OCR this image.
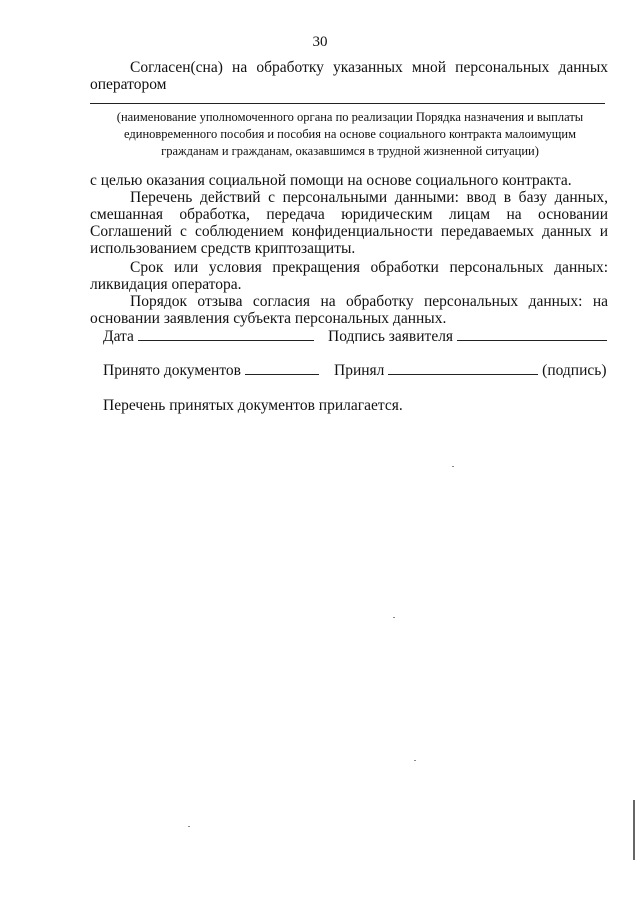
30
Согласен(сна) на обработку указанных мной персональных данных оператором
(наименование уполномоченного органа по реализации Порядка назначения и выплаты единовременного пособия и пособия на основе социального контракта малоимущим гражданам и гражданам, оказавшимся в трудной жизненной ситуации)
с целью оказания социальной помощи на основе социального контракта.
Перечень действий с персональными данными: ввод в базу данных, смешанная обработка, передача юридическим лицам на основании Соглашений с соблюдением конфиденциальности передаваемых данных и использованием средств криптозащиты.
Срок или условия прекращения обработки персональных данных: ликвидация оператора.
Порядок отзыва согласия на обработку персональных данных: на основании заявления субъекта персональных данных.
Дата	Подпись заявителя
Принято документов	Принял	(подпись)
Перечень принятых документов прилагается.
